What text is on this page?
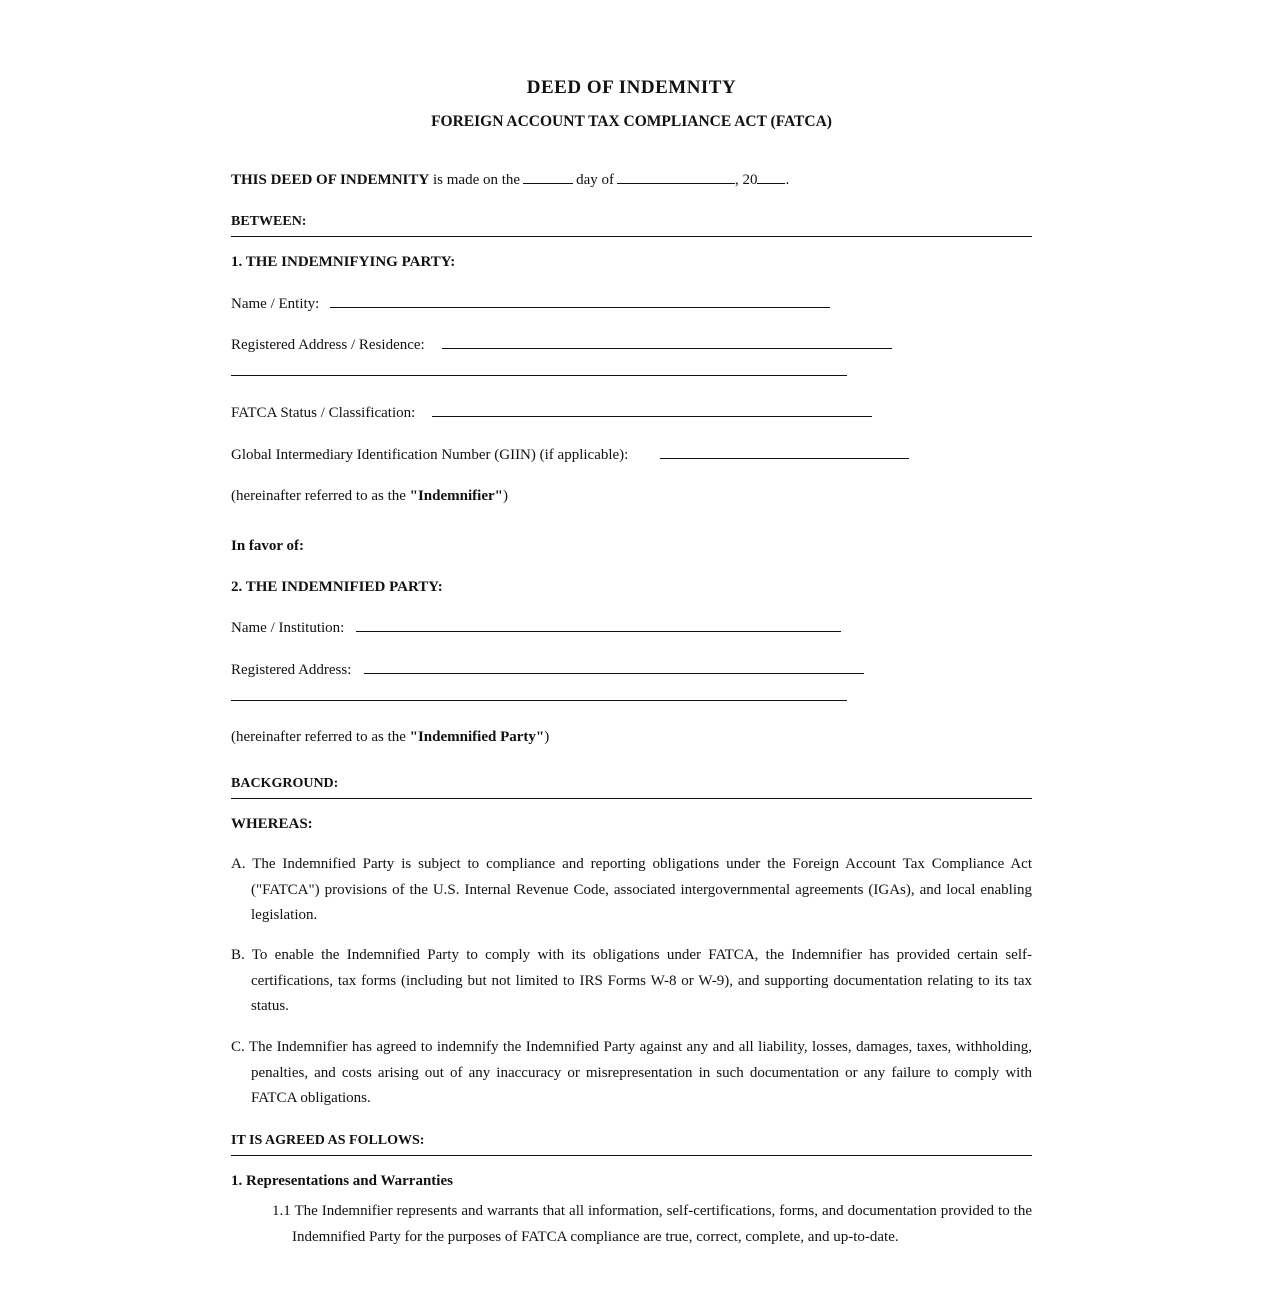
DEED OF INDEMNITY
FOREIGN ACCOUNT TAX COMPLIANCE ACT (FATCA)
THIS DEED OF INDEMNITY is made on the	day of	, 20 .
BETWEEN:
1. THE INDEMNIFYING PARTY:
Name / Entity:
Registered Address / Residence:
FATCA Status / Classification:
Global Intermediary Identification Number (GIIN) (if applicable):
(hereinafter referred to as the "Indemnifier")
In favor of:
2. THE INDEMNIFIED PARTY:
Name / Institution:
Registered Address:
(hereinafter referred to as the "Indemnified Party")
BACKGROUND:
WHEREAS:
A. The Indemnified Party is subject to compliance and reporting obligations under the Foreign Account Tax Compliance Act ("FATCA") provisions of the U.S. Internal Revenue Code, associated intergovernmental agreements (IGAs), and local enabling legislation.
B. To enable the Indemnified Party to comply with its obligations under FATCA, the Indemnifier has provided certain self-certifications, tax forms (including but not limited to IRS Forms W-8 or W-9), and supporting documentation relating to its tax status.
C. The Indemnifier has agreed to indemnify the Indemnified Party against any and all liability, losses, damages, taxes, withholding, penalties, and costs arising out of any inaccuracy or misrepresentation in such documentation or any failure to comply with FATCA obligations.
IT IS AGREED AS FOLLOWS:
1. Representations and Warranties
1.1 The Indemnifier represents and warrants that all information, self-certifications, forms, and documentation provided to the Indemnified Party for the purposes of FATCA compliance are true, correct, complete, and up-to-date.
